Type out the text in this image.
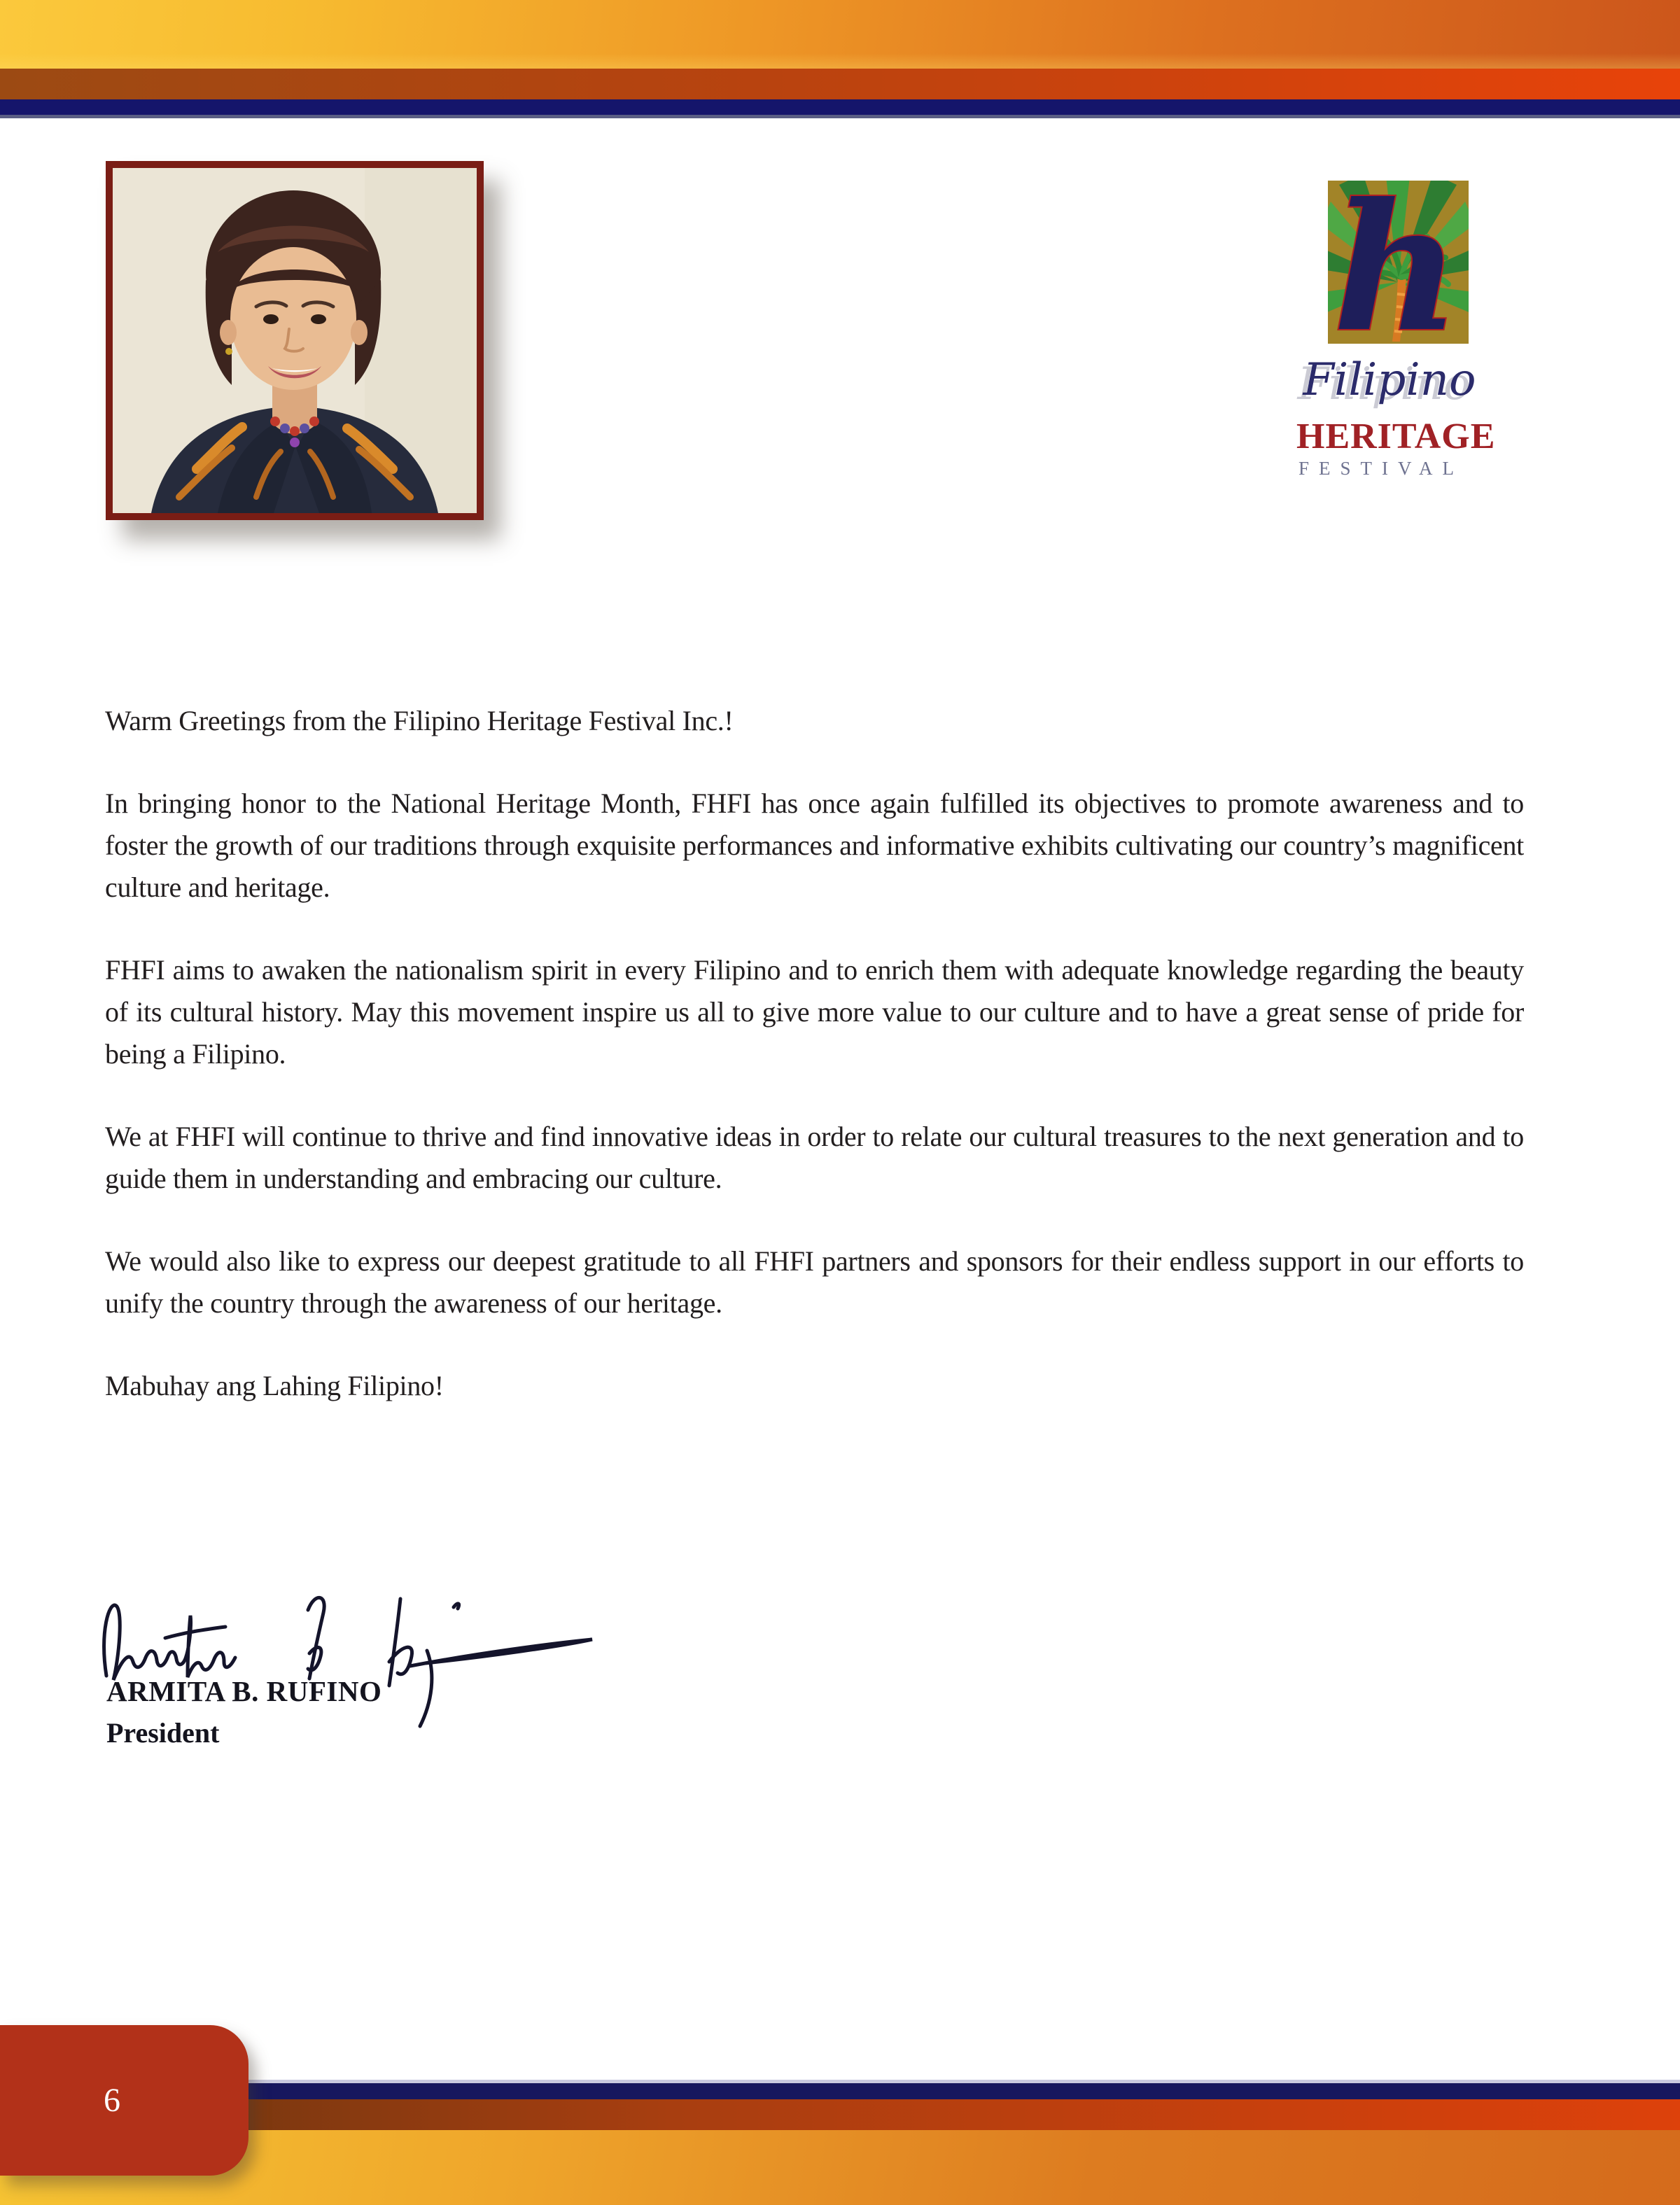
h
Filipino
HERITAGE
FESTIVAL

Warm Greetings from the Filipino Heritage Festival Inc.!

In bringing honor to the National Heritage Month, FHFI has once again fulfilled its objectives to promote awareness and to foster the growth of our traditions through exquisite performances and informative exhibits cultivating our country’s magnificent culture and heritage.

FHFI aims to awaken the nationalism spirit in every Filipino and to enrich them with adequate knowledge regarding the beauty of its cultural history. May this movement inspire us all to give more value to our culture and to have a great sense of pride for being a Filipino.

We at FHFI will continue to thrive and find innovative ideas in order to relate our cultural treasures to the next generation and to guide them in understanding and embracing our culture.

We would also like to express our deepest gratitude to all FHFI partners and sponsors for their endless support in our efforts to unify the country through the awareness of our heritage.

Mabuhay ang Lahing Filipino!

ARMITA B. RUFINO
President
6
